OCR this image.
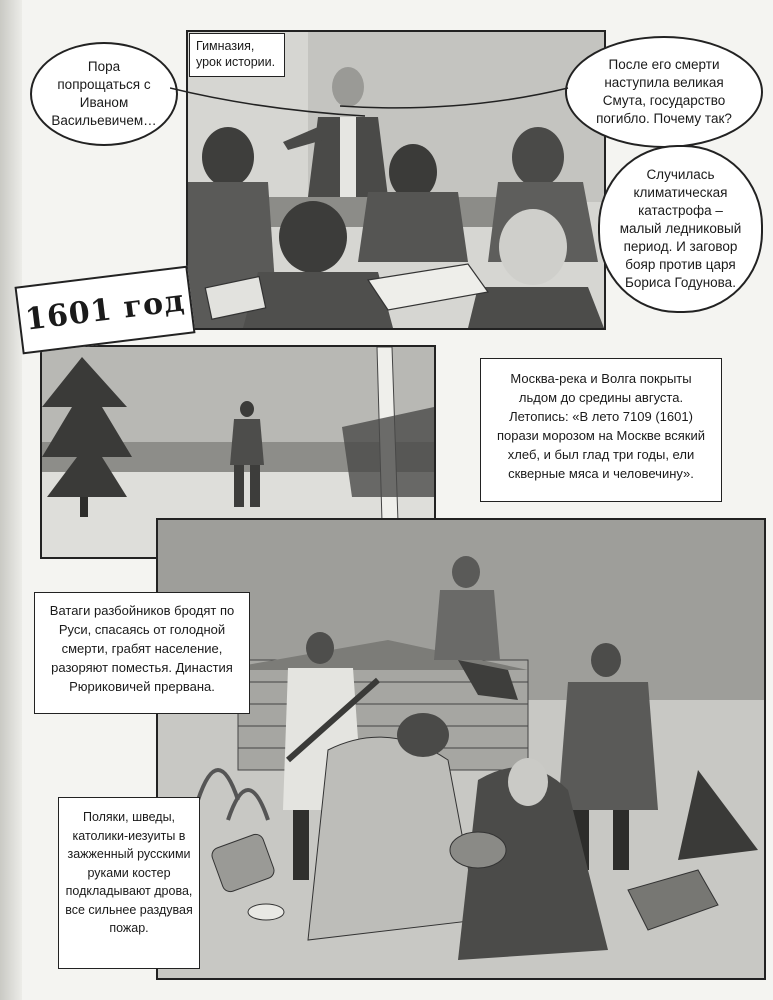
Гимназия, урок истории.
Пора попрощаться с Иваном Васильевичем…
После его смерти наступила великая Смута, государство погибло. Почему так?
Случилась климатическая катастрофа – малый ледниковый период. И заговор бояр против царя Бориса Годунова.
1601 год
Москва-река и Волга покрыты льдом до средины августа. Летопись: «В лето 7109 (1601) порази морозом на Москве всякий хлеб, и был глад три годы, ели скверные мяса и человечину».
Ватаги разбойников бродят по Руси, спасаясь от голодной смерти, грабят население, разоряют поместья. Династия Рюриковичей прервана.
Поляки, шведы, католики-иезуиты в зажженный русскими руками костер подкладывают дрова, все сильнее раздувая пожар.
